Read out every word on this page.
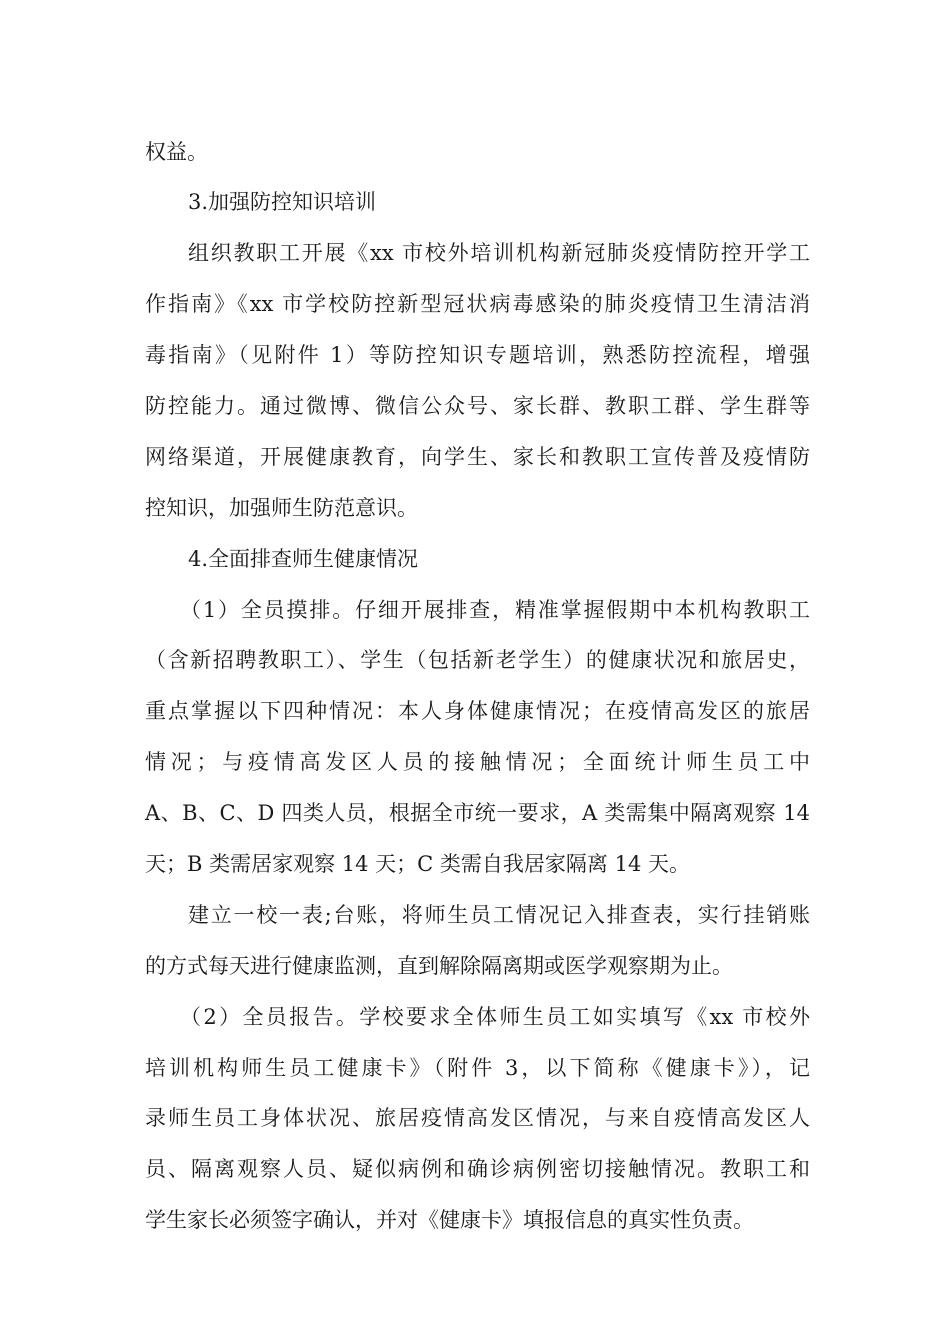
权益。
3.加强防控知识培训
组织教职工开展《xx 市校外培训机构新冠肺炎疫情防控开学工
作指南》《xx 市学校防控新型冠状病毒感染的肺炎疫情卫生清洁消
毒指南》（见附件 1）等防控知识专题培训，熟悉防控流程，增强
防控能力。通过微博、微信公众号、家长群、教职工群、学生群等
网络渠道，开展健康教育，向学生、家长和教职工宣传普及疫情防
控知识，加强师生防范意识。
4.全面排查师生健康情况
（1）全员摸排。仔细开展排查，精准掌握假期中本机构教职工
（含新招聘教职工）、学生（包括新老学生）的健康状况和旅居史，
重点掌握以下四种情况：本人身体健康情况；在疫情高发区的旅居
情况；与疫情高发区人员的接触情况；全面统计师生员工中
A、B、C、D 四类人员，根据全市统一要求，A 类需集中隔离观察 14
天；B 类需居家观察 14 天；C 类需自我居家隔离 14 天。
建立一校一表;台账，将师生员工情况记入排查表，实行挂销账
的方式每天进行健康监测，直到解除隔离期或医学观察期为止。
（2）全员报告。学校要求全体师生员工如实填写《xx 市校外
培训机构师生员工健康卡》（附件 3，以下简称《健康卡》），记
录师生员工身体状况、旅居疫情高发区情况，与来自疫情高发区人
员、隔离观察人员、疑似病例和确诊病例密切接触情况。教职工和
学生家长必须签字确认，并对《健康卡》填报信息的真实性负责。
